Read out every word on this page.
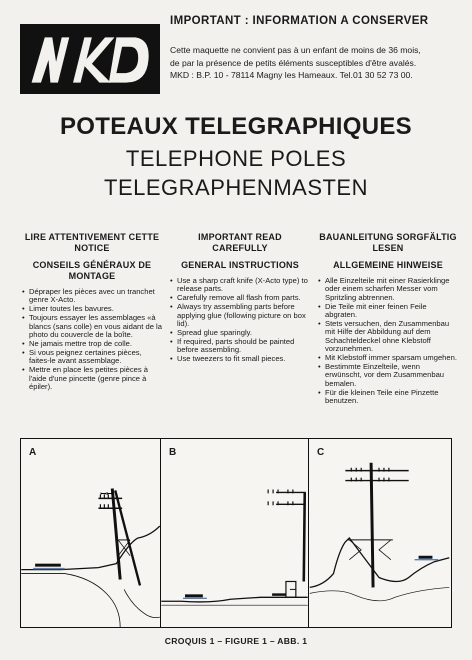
IMPORTANT : INFORMATION A CONSERVER
Cette maquette ne convient pas à un enfant de moins de 36 mois,
de par la présence de petits éléments susceptibles d'être avalés.
MKD : B.P. 10 - 78114 Magny les Hameaux. Tel.01 30 52 73 00.
POTEAUX TELEGRAPHIQUES
TELEPHONE POLES
TELEGRAPHENMASTEN
LIRE ATTENTIVEMENT CETTE NOTICE
CONSEILS GÉNÉRAUX DE MONTAGE
• Dépraper les pièces avec un tranchet genre X-Acto.
• Limer toutes les bavures.
• Toujours essayer les assemblages «à blancs (sans colle) en vous aidant de la photo du couvercle de la boîte.
• Ne jamais mettre trop de colle.
• Si vous peignez certaines pièces, faites-le avant assemblage.
• Mettre en place les petites pièces à l'aide d'une pincette (genre pince à épiler).
IMPORTANT READ CAREFULLY
GENERAL INSTRUCTIONS
• Use a sharp craft knife (X-Acto type) to release parts.
• Carefully remove all flash from parts.
• Always try assembling parts before applying glue (following picture on box lid).
• Spread glue sparingly.
• If required, parts should be painted before assembling.
• Use tweezers to fit small pieces.
BAUANLEITUNG SORGFÄLTIG LESEN
ALLGEMEINE HINWEISE
• Alle Einzelteile mit einer Rasierklinge oder einem scharfen Messer vom Spritzling abtrennen.
• Die Teile mit einer feinen Feile abgraten.
• Stets versuchen, den Zusammenbau mit Hilfe der Abbildung auf dem Schachteldeckel ohne Klebstoff vorzunehmen.
• Mit Klebstoff immer sparsam umgehen.
• Bestimmte Einzelteile, wenn erwünscht, vor dem Zusammenbau bemalen.
• Für die kleinen Teile eine Pinzette benutzen.
A
ꟷꟷ
B	C
CROQUIS 1 – FIGURE 1 – ABB. 1
